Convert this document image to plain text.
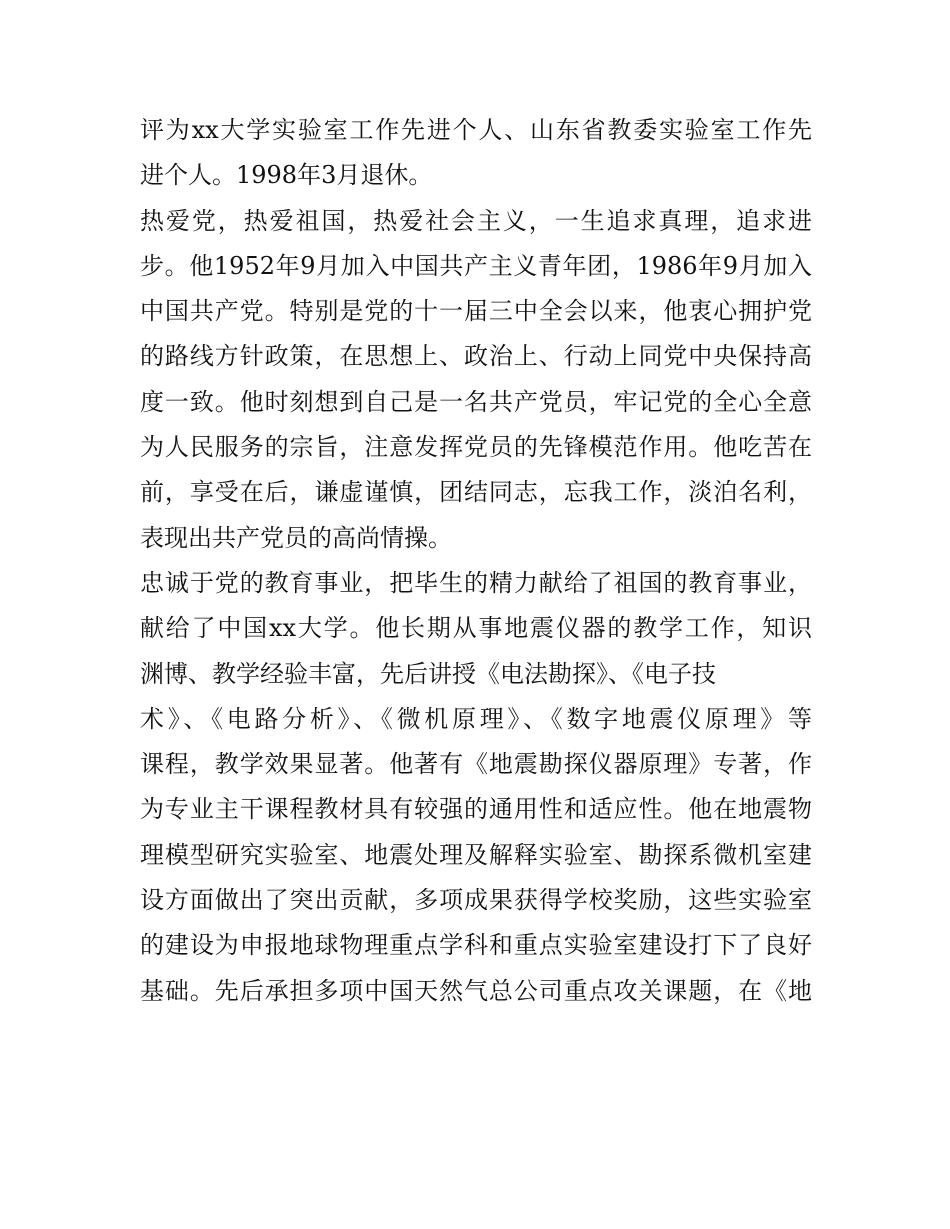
评为xx大学实验室工作先进个人、山东省教委实验室工作先
进个人。1998年3月退休。
热爱党，热爱祖国，热爱社会主义，一生追求真理，追求进
步。他1952年9月加入中国共产主义青年团，1986年9月加入
中国共产党。特别是党的十一届三中全会以来，他衷心拥护党
的路线方针政策，在思想上、政治上、行动上同党中央保持高
度一致。他时刻想到自己是一名共产党员，牢记党的全心全意
为人民服务的宗旨，注意发挥党员的先锋模范作用。他吃苦在
前，享受在后，谦虚谨慎，团结同志，忘我工作，淡泊名利，
表现出共产党员的高尚情操。
忠诚于党的教育事业，把毕生的精力献给了祖国的教育事业，
献给了中国xx大学。他长期从事地震仪器的教学工作，知识
渊博、教学经验丰富，先后讲授《电法勘探》、《电子技
术》、《电路分析》、《微机原理》、《数字地震仪原理》等
课程，教学效果显著。他著有《地震勘探仪器原理》专著，作
为专业主干课程教材具有较强的通用性和适应性。他在地震物
理模型研究实验室、地震处理及解释实验室、勘探系微机室建
设方面做出了突出贡献，多项成果获得学校奖励，这些实验室
的建设为申报地球物理重点学科和重点实验室建设打下了良好
基础。先后承担多项中国天然气总公司重点攻关课题，在《地
